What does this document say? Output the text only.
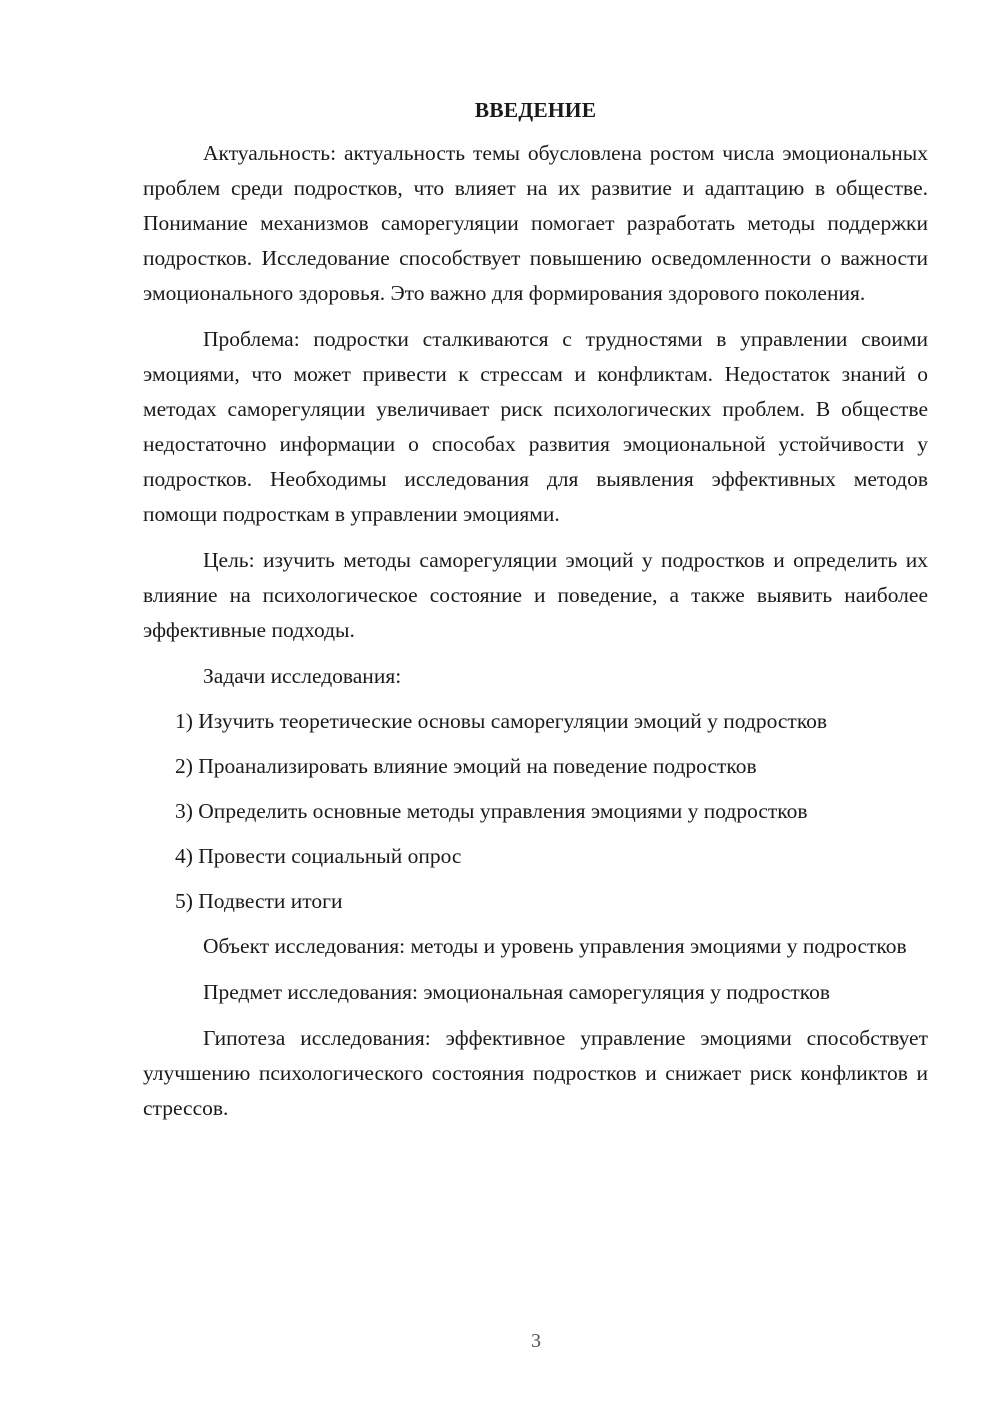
ВВЕДЕНИЕ

Актуальность: актуальность темы обусловлена ростом числа эмоциональных проблем среди подростков, что влияет на их развитие и адаптацию в обществе. Понимание механизмов саморегуляции помогает разработать методы поддержки подростков. Исследование способствует повышению осведомленности о важности эмоционального здоровья. Это важно для формирования здорового поколения.

Проблема: подростки сталкиваются с трудностями в управлении своими эмоциями, что может привести к стрессам и конфликтам. Недостаток знаний о методах саморегуляции увеличивает риск психологических проблем. В обществе недостаточно информации о способах развития эмоциональной устойчивости у подростков. Необходимы исследования для выявления эффективных методов помощи подросткам в управлении эмоциями.

Цель: изучить методы саморегуляции эмоций у подростков и определить их влияние на психологическое состояние и поведение, а также выявить наиболее эффективные подходы.

Задачи исследования:

1) Изучить теоретические основы саморегуляции эмоций у подростков

2) Проанализировать влияние эмоций на поведение подростков

3) Определить основные методы управления эмоциями у подростков

4) Провести социальный опрос

5) Подвести итоги

Объект исследования: методы и уровень управления эмоциями у подростков

Предмет исследования: эмоциональная саморегуляция у подростков

Гипотеза исследования: эффективное управление эмоциями способствует улучшению психологического состояния подростков и снижает риск конфликтов и стрессов.

3
